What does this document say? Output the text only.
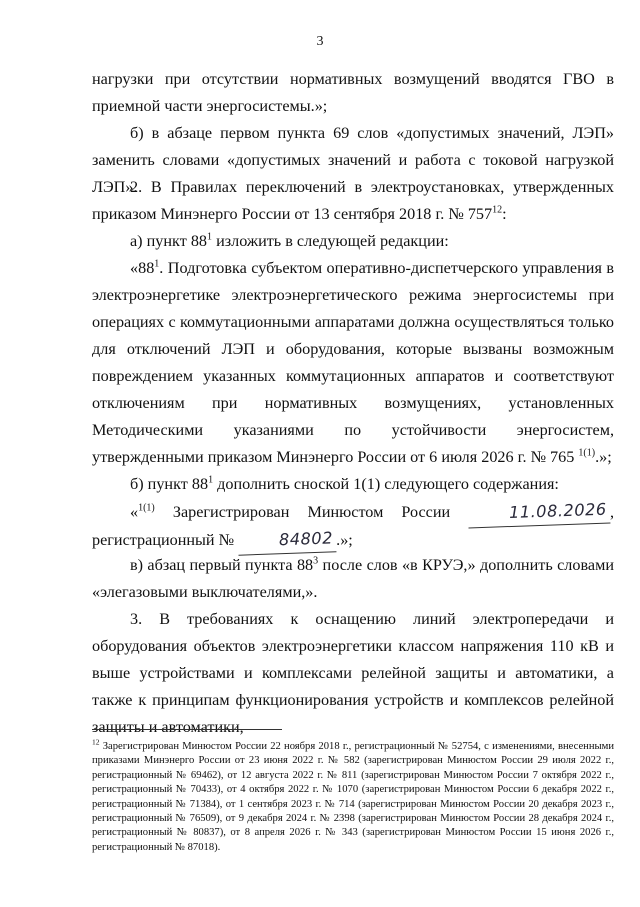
3

нагрузки при отсутствии нормативных возмущений вводятся ГВО в приемной части энергосистемы.»;

б) в абзаце первом пункта 69 слов «допустимых значений, ЛЭП» заменить словами «допустимых значений и работа с токовой нагрузкой ЛЭП».

2. В Правилах переключений в электроустановках, утвержденных приказом Минэнерго России от 13 сентября 2018 г. № $757^{12}$:

а) пункт $88^1$ изложить в следующей редакции:

«$88^1$. Подготовка субъектом оперативно-диспетчерского управления в электроэнергетике электроэнергетического режима энергосистемы при операциях с коммутационными аппаратами должна осуществляться только для отключений ЛЭП и оборудования, которые вызваны возможным повреждением указанных коммутационных аппаратов и соответствуют отключениям при нормативных возмущениях, установленных Методическими указаниями по устойчивости энергосистем, утвержденными приказом Минэнерго России от 6 июля 2026 г. № 765 $^{1(1)}$.»;

б) пункт $88^1$ дополнить сноской 1(1) следующего содержания:

«$^{1(1)}$ Зарегистрирован Минюстом России	11.08.2026 , регистрационный №	84802 .»;

в) абзац первый пункта $88^3$ после слов «в КРУЭ,» дополнить словами «элегазовыми выключателями,».

3. В требованиях к оснащению линий электропередачи и оборудования объектов электроэнергетики классом напряжения 110 кВ и выше устройствами и комплексами релейной защиты и автоматики, а также к принципам функционирования устройств и комплексов релейной защиты и автоматики,

$^{12}$ Зарегистрирован Минюстом России 22 ноября 2018 г., регистрационный № 52754, с изменениями, внесенными приказами Минэнерго России от 23 июня 2022 г. № 582 (зарегистрирован Минюстом России 29 июля 2022 г., регистрационный № 69462), от 12 августа 2022 г. № 811 (зарегистрирован Минюстом России 7 октября 2022 г., регистрационный № 70433), от 4 октября 2022 г. № 1070 (зарегистрирован Минюстом России 6 декабря 2022 г., регистрационный № 71384), от 1 сентября 2023 г. № 714 (зарегистрирован Минюстом России 20 декабря 2023 г., регистрационный № 76509), от 9 декабря 2024 г. № 2398 (зарегистрирован Минюстом России 28 декабря 2024 г., регистрационный № 80837), от 8 апреля 2026 г. № 343 (зарегистрирован Минюстом России 15 июня 2026 г., регистрационный № 87018).
